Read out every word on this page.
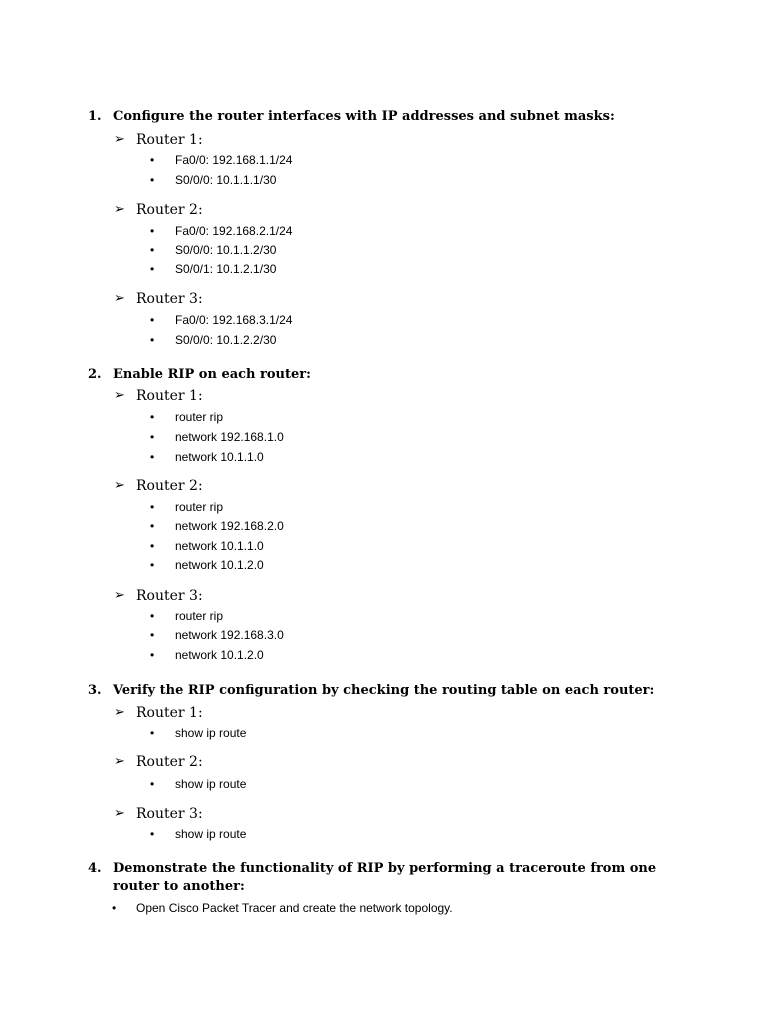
1. Configure the router interfaces with IP addresses and subnet masks:
➢ Router 1:
• Fa0/0: 192.168.1.1/24
• S0/0/0: 10.1.1.1/30
➢ Router 2:
• Fa0/0: 192.168.2.1/24
• S0/0/0: 10.1.1.2/30
• S0/0/1: 10.1.2.1/30
➢ Router 3:
• Fa0/0: 192.168.3.1/24
• S0/0/0: 10.1.2.2/30
2. Enable RIP on each router:
➢ Router 1:
• router rip
• network 192.168.1.0
• network 10.1.1.0
➢ Router 2:
• router rip
• network 192.168.2.0
• network 10.1.1.0
• network 10.1.2.0
➢ Router 3:
• router rip
• network 192.168.3.0
• network 10.1.2.0
3. Verify the RIP configuration by checking the routing table on each router:
➢ Router 1:
• show ip route
➢ Router 2:
• show ip route
➢ Router 3:
• show ip route
4. Demonstrate the functionality of RIP by performing a traceroute from one router to another:
• Open Cisco Packet Tracer and create the network topology.
